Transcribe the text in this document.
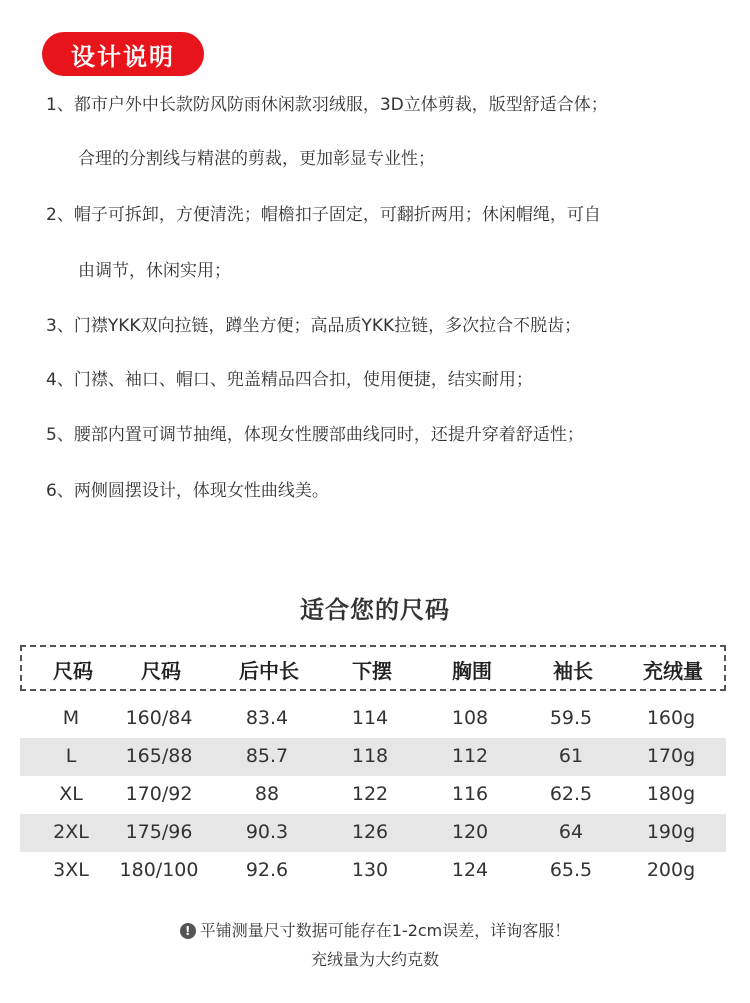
设计说明
1、都市户外中长款防风防雨休闲款羽绒服，3D立体剪裁，版型舒适合体；
合理的分割线与精湛的剪裁，更加彰显专业性；
2、帽子可拆卸，方便清洗；帽檐扣子固定，可翻折两用；休闲帽绳，可自
由调节，休闲实用；
3、门襟YKK双向拉链，蹲坐方便；高品质YKK拉链，多次拉合不脱齿；
4、门襟、袖口、帽口、兜盖精品四合扣，使用便捷，结实耐用；
5、腰部内置可调节抽绳，体现女性腰部曲线同时，还提升穿着舒适性；
6、两侧圆摆设计，体现女性曲线美。
适合您的尺码
尺码 尺码	后中长	下摆	胸围	袖长	充绒量
M 160/84	83.4	114	108	59.5	160g
L	165/88	85.7	118	112	61	170g
XL 170/92	88	122	116	62.5	180g
2XL 175/96	90.3	126	120	64	190g
3XL 180/100 92.6	130	124	65.5	200g
! 平铺测量尺寸数据可能存在1-2cm误差，详询客服！
充绒量为大约克数
